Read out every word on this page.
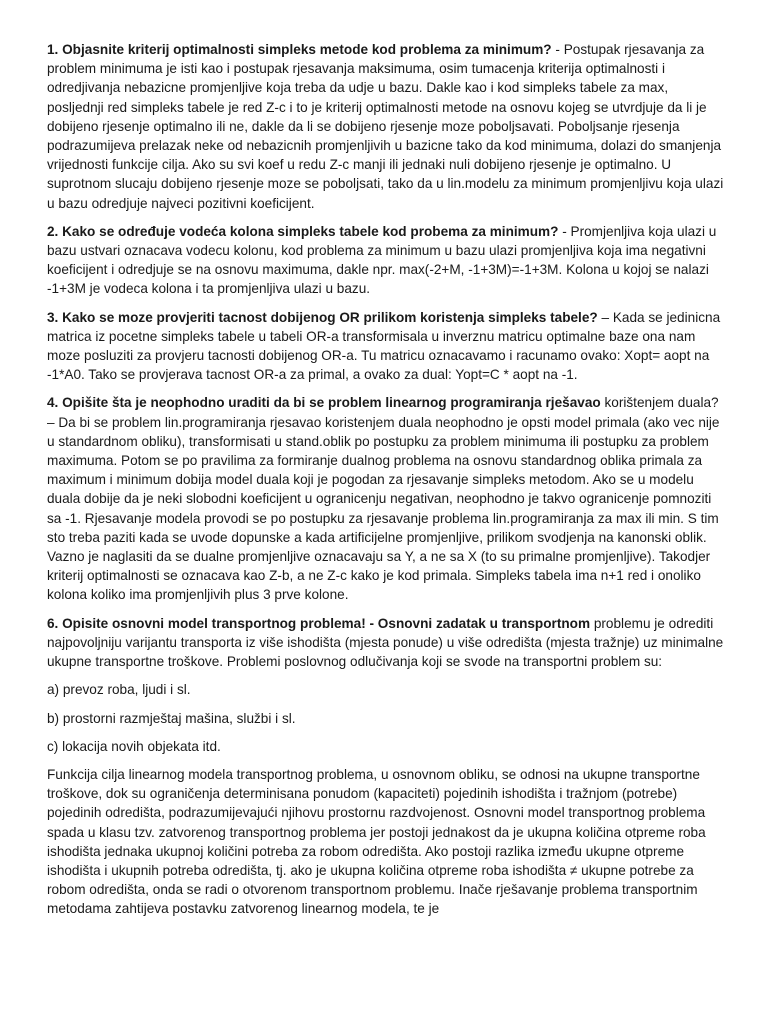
1. Objasnite kriterij optimalnosti simpleks metode kod problema za minimum? - Postupak rjesavanja za problem minimuma je isti kao i postupak rjesavanja maksimuma, osim tumacenja kriterija optimalnosti i odredjivanja nebazicne promjenljive koja treba da udje u bazu. Dakle kao i kod simpleks tabele za max, posljednji red simpleks tabele je red Z-c i to je kriterij optimalnosti metode na osnovu kojeg se utvrdjuje da li je dobijeno rjesenje optimalno ili ne, dakle da li se dobijeno rjesenje moze poboljsavati. Poboljsanje rjesenja podrazumijeva prelazak neke od nebazicnih promjenljivih u bazicne tako da kod minimuma, dolazi do smanjenja vrijednosti funkcije cilja. Ako su svi koef u redu Z-c manji ili jednaki nuli dobijeno rjesenje je optimalno. U suprotnom slucaju dobijeno rjesenje moze se poboljsati, tako da u lin.modelu za minimum promjenljivu koja ulazi u bazu odredjuje najveci pozitivni koeficijent.

2. Kako se određuje vodeća kolona simpleks tabele kod probema za minimum? - Promjenljiva koja ulazi u bazu ustvari oznacava vodecu kolonu, kod problema za minimum u bazu ulazi promjenljiva koja ima negativni koeficijent i odredjuje se na osnovu maximuma, dakle npr. max(-2+M, -1+3M)=-1+3M. Kolona u kojoj se nalazi -1+3M je vodeca kolona i ta promjenljiva ulazi u bazu.

3. Kako se moze provjeriti tacnost dobijenog OR prilikom koristenja simpleks tabele? – Kada se jedinicna matrica iz pocetne simpleks tabele u tabeli OR-a transformisala u inverznu matricu optimalne baze ona nam moze posluziti za provjeru tacnosti dobijenog OR-a. Tu matricu oznacavamo i racunamo ovako: Xopt= aopt na -1*A0. Tako se provjerava tacnost OR-a za primal, a ovako za dual: Yopt=C * aopt na -1.

4. Opišite šta je neophodno uraditi da bi se problem linearnog programiranja rješavao korištenjem duala? – Da bi se problem lin.programiranja rjesavao koristenjem duala neophodno je opsti model primala (ako vec nije u standardnom obliku), transformisati u stand.oblik po postupku za problem minimuma ili postupku za problem maximuma. Potom se po pravilima za formiranje dualnog problema na osnovu standardnog oblika primala za maximum i minimum dobija model duala koji je pogodan za rjesavanje simpleks metodom. Ako se u modelu duala dobije da je neki slobodni koeficijent u ogranicenju negativan, neophodno je takvo ogranicenje pomnoziti sa -1. Rjesavanje modela provodi se po postupku za rjesavanje problema lin.programiranja za max ili min. S tim sto treba paziti kada se uvode dopunske a kada artificijelne promjenljive, prilikom svodjenja na kanonski oblik. Vazno je naglasiti da se dualne promjenljive oznacavaju sa Y, a ne sa X (to su primalne promjenljive). Takodjer kriterij optimalnosti se oznacava kao Z-b, a ne Z-c kako je kod primala. Simpleks tabela ima n+1 red i onoliko kolona koliko ima promjenljivih plus 3 prve kolone.

6. Opisite osnovni model transportnog problema! - Osnovni zadatak u transportnom problemu je odrediti najpovoljniju varijantu transporta iz više ishodišta (mjesta ponude) u više odredišta (mjesta tražnje) uz minimalne ukupne transportne troškove. Problemi poslovnog odlučivanja koji se svode na transportni problem su:

a) prevoz roba, ljudi i sl.

b) prostorni razmještaj mašina, službi i sl.

c) lokacija novih objekata itd.

Funkcija cilja linearnog modela transportnog problema, u osnovnom obliku, se odnosi na ukupne transportne troškove, dok su ograničenja determinisana ponudom (kapaciteti) pojedinih ishodišta i tražnjom (potrebe) pojedinih odredišta, podrazumijevajući njihovu prostornu razdvojenost. Osnovni model transportnog problema spada u klasu tzv. zatvorenog transportnog problema jer postoji jednakost da je ukupna količina otpreme roba ishodišta jednaka ukupnoj količini potreba za robom odredišta. Ako postoji razlika između ukupne otpreme ishodišta i ukupnih potreba odredišta, tj. ako je ukupna količina otpreme roba ishodišta ≠ ukupne potrebe za robom odredišta, onda se radi o otvorenom transportnom problemu. Inače rješavanje problema transportnim metodama zahtijeva postavku zatvorenog linearnog modela, te je
